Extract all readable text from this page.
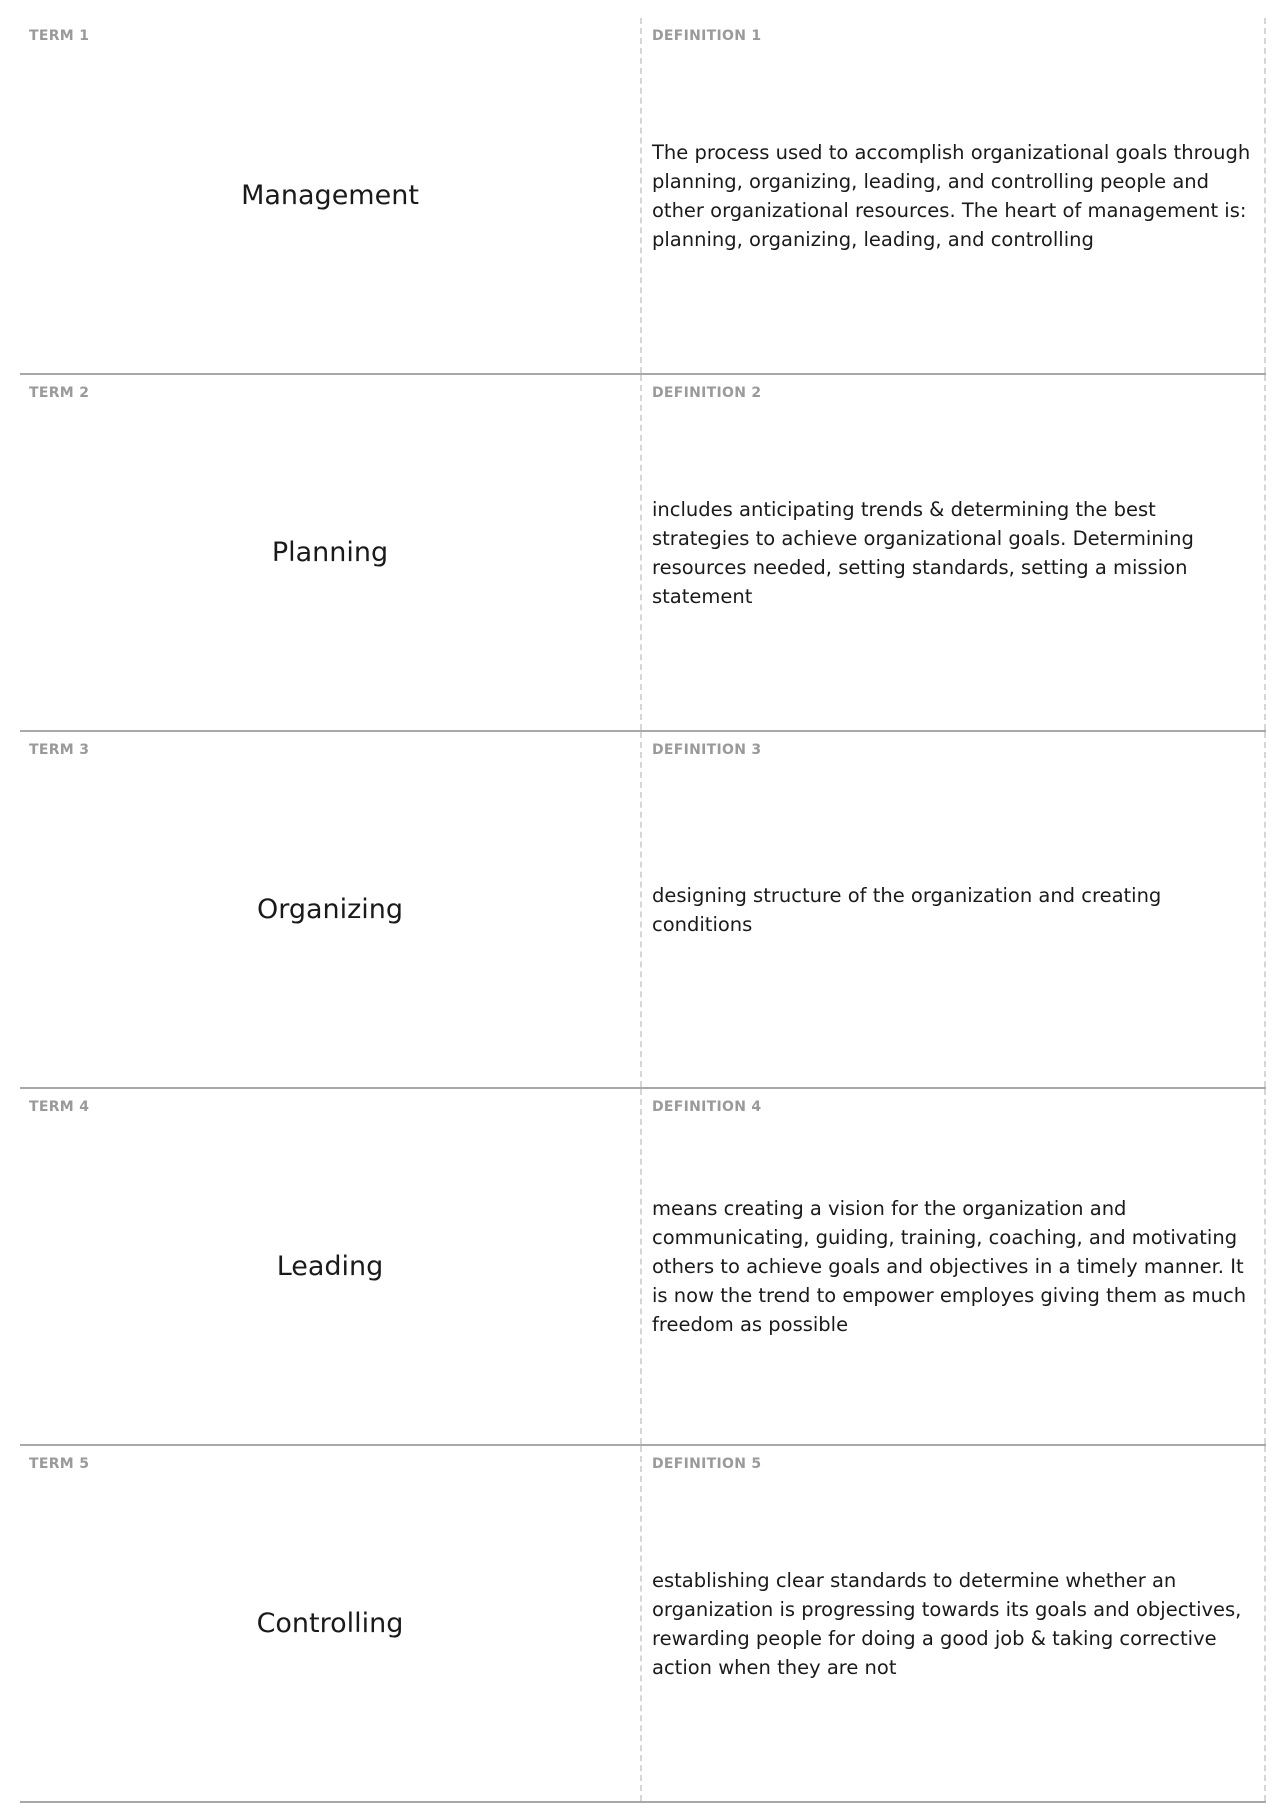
TERM 1
Management
DEFINITION 1
The process used to accomplish organizational goals through planning, organizing, leading, and controlling people and other organizational resources. The heart of management is: planning, organizing, leading, and controlling
TERM 2
Planning
DEFINITION 2
includes anticipating trends & determining the best strategies to achieve organizational goals. Determining resources needed, setting standards, setting a mission statement
TERM 3
Organizing
DEFINITION 3
designing structure of the organization and creating conditions
TERM 4
Leading
DEFINITION 4
means creating a vision for the organization and communicating, guiding, training, coaching, and motivating others to achieve goals and objectives in a timely manner. It is now the trend to empower employes giving them as much freedom as possible
TERM 5
Controlling
DEFINITION 5
establishing clear standards to determine whether an organization is progressing towards its goals and objectives, rewarding people for doing a good job & taking corrective action when they are not
